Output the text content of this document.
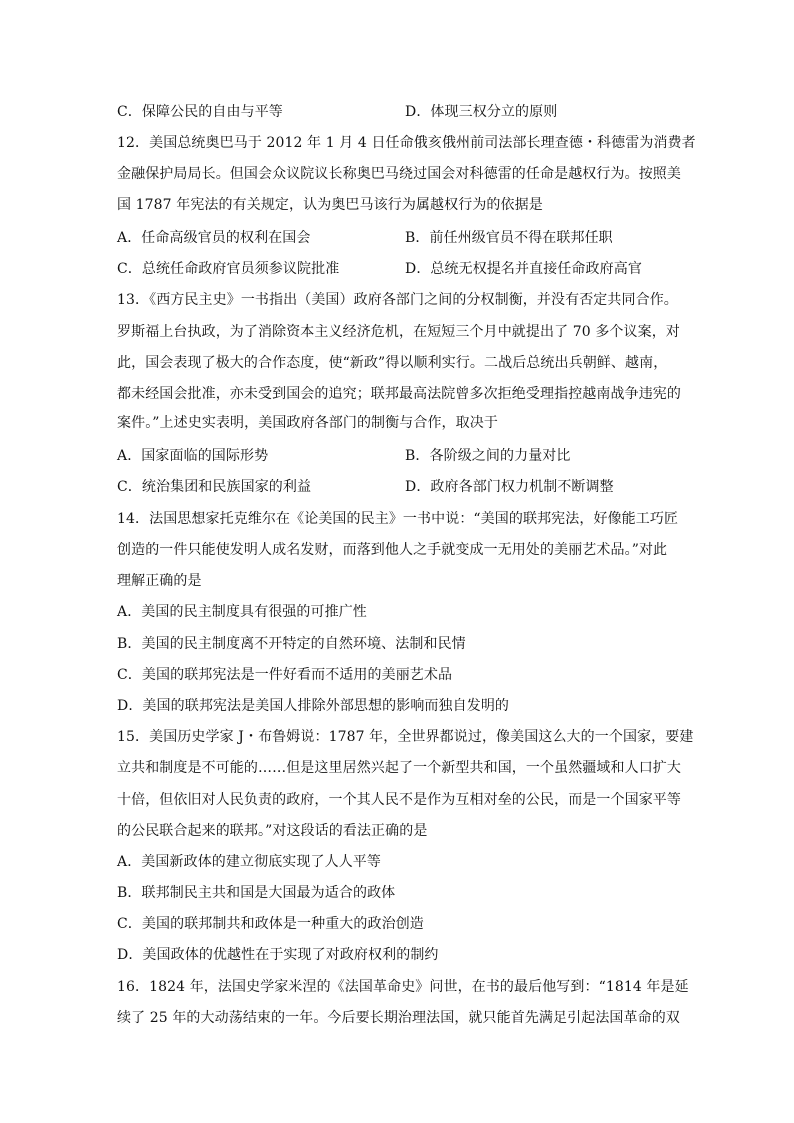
C．保障公民的自由与平等	D．体现三权分立的原则
12．美国总统奥巴马于 2012 年 1 月 4 日任命俄亥俄州前司法部长理查德・科德雷为消费者
金融保护局局长。但国会众议院议长称奥巴马绕过国会对科德雷的任命是越权行为。按照美
国 1787 年宪法的有关规定，认为奥巴马该行为属越权行为的依据是
A．任命高级官员的权利在国会	B．前任州级官员不得在联邦任职
C．总统任命政府官员须参议院批准	D．总统无权提名并直接任命政府高官
13．《西方民主史》一书指出（美国）政府各部门之间的分权制衡，并没有否定共同合作。
罗斯福上台执政，为了消除资本主义经济危机，在短短三个月中就提出了 70 多个议案，对
此，国会表现了极大的合作态度，使“新政”得以顺利实行。二战后总统出兵朝鲜、越南，
都未经国会批准，亦未受到国会的追究；联邦最高法院曾多次拒绝受理指控越南战争违宪的
案件。”上述史实表明，美国政府各部门的制衡与合作，取决于
A．国家面临的国际形势	B．各阶级之间的力量对比
C．统治集团和民族国家的利益	D．政府各部门权力机制不断调整
14．法国思想家托克维尔在《论美国的民主》一书中说：“美国的联邦宪法，好像能工巧匠
创造的一件只能使发明人成名发财，而落到他人之手就变成一无用处的美丽艺术品。”对此
理解正确的是
A．美国的民主制度具有很强的可推广性
B．美国的民主制度离不开特定的自然环境、法制和民情
C．美国的联邦宪法是一件好看而不适用的美丽艺术品
D．美国的联邦宪法是美国人排除外部思想的影响而独自发明的
15．美国历史学家 J・布鲁姆说：1787 年，全世界都说过，像美国这么大的一个国家，要建
立共和制度是不可能的……但是这里居然兴起了一个新型共和国，一个虽然疆域和人口扩大
十倍，但依旧对人民负责的政府，一个其人民不是作为互相对垒的公民，而是一个国家平等
的公民联合起来的联邦。”对这段话的看法正确的是
A．美国新政体的建立彻底实现了人人平等
B．联邦制民主共和国是大国最为适合的政体
C．美国的联邦制共和政体是一种重大的政治创造
D．美国政体的优越性在于实现了对政府权利的制约
16．1824 年，法国史学家米涅的《法国革命史》问世，在书的最后他写到：“1814 年是延
续了 25 年的大动荡结束的一年。今后要长期治理法国，就只能首先满足引起法国革命的双
